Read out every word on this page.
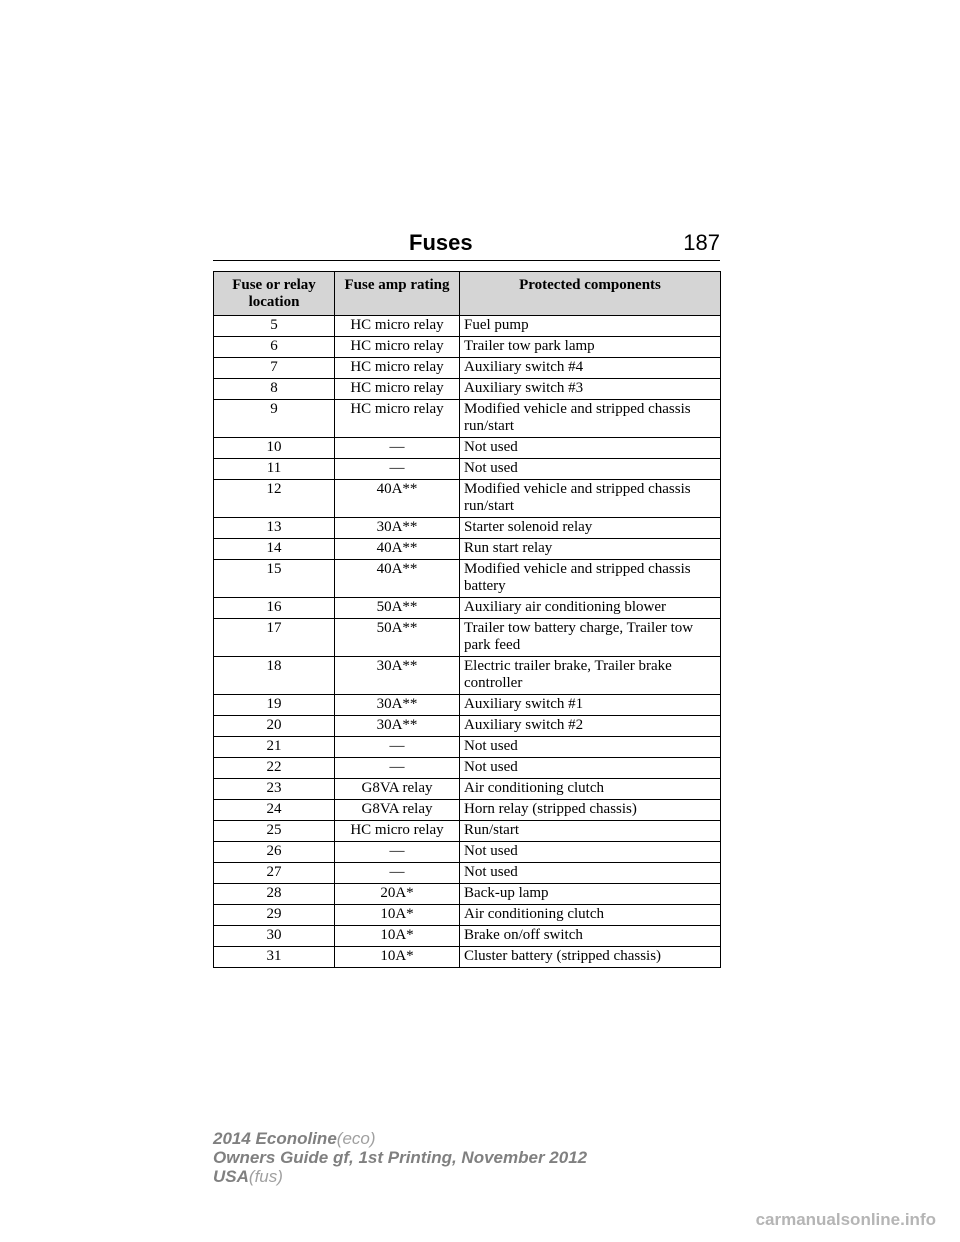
Fuses	187
Fuse or relay location	Fuse amp rating	Protected components
5	HC micro relay	Fuel pump
6	HC micro relay	Trailer tow park lamp
7	HC micro relay	Auxiliary switch #4
8	HC micro relay	Auxiliary switch #3
9	HC micro relay	Modified vehicle and stripped chassis run/start
10	—	Not used
11	—	Not used
12	40A**	Modified vehicle and stripped chassis run/start
13	30A**	Starter solenoid relay
14	40A**	Run start relay
15	40A**	Modified vehicle and stripped chassis battery
16	50A**	Auxiliary air conditioning blower
17	50A**	Trailer tow battery charge, Trailer tow park feed
18	30A**	Electric trailer brake, Trailer brake controller
19	30A**	Auxiliary switch #1
20	30A**	Auxiliary switch #2
21	—	Not used
22	—	Not used
23	G8VA relay	Air conditioning clutch
24	G8VA relay	Horn relay (stripped chassis)
25	HC micro relay	Run/start
26	—	Not used
27	—	Not used
28	20A*	Back-up lamp
29	10A*	Air conditioning clutch
30	10A*	Brake on/off switch
31	10A*	Cluster battery (stripped chassis)
2014 Econoline(eco)
Owners Guide gf, 1st Printing, November 2012
USA(fus)
carmanualsonline.info
